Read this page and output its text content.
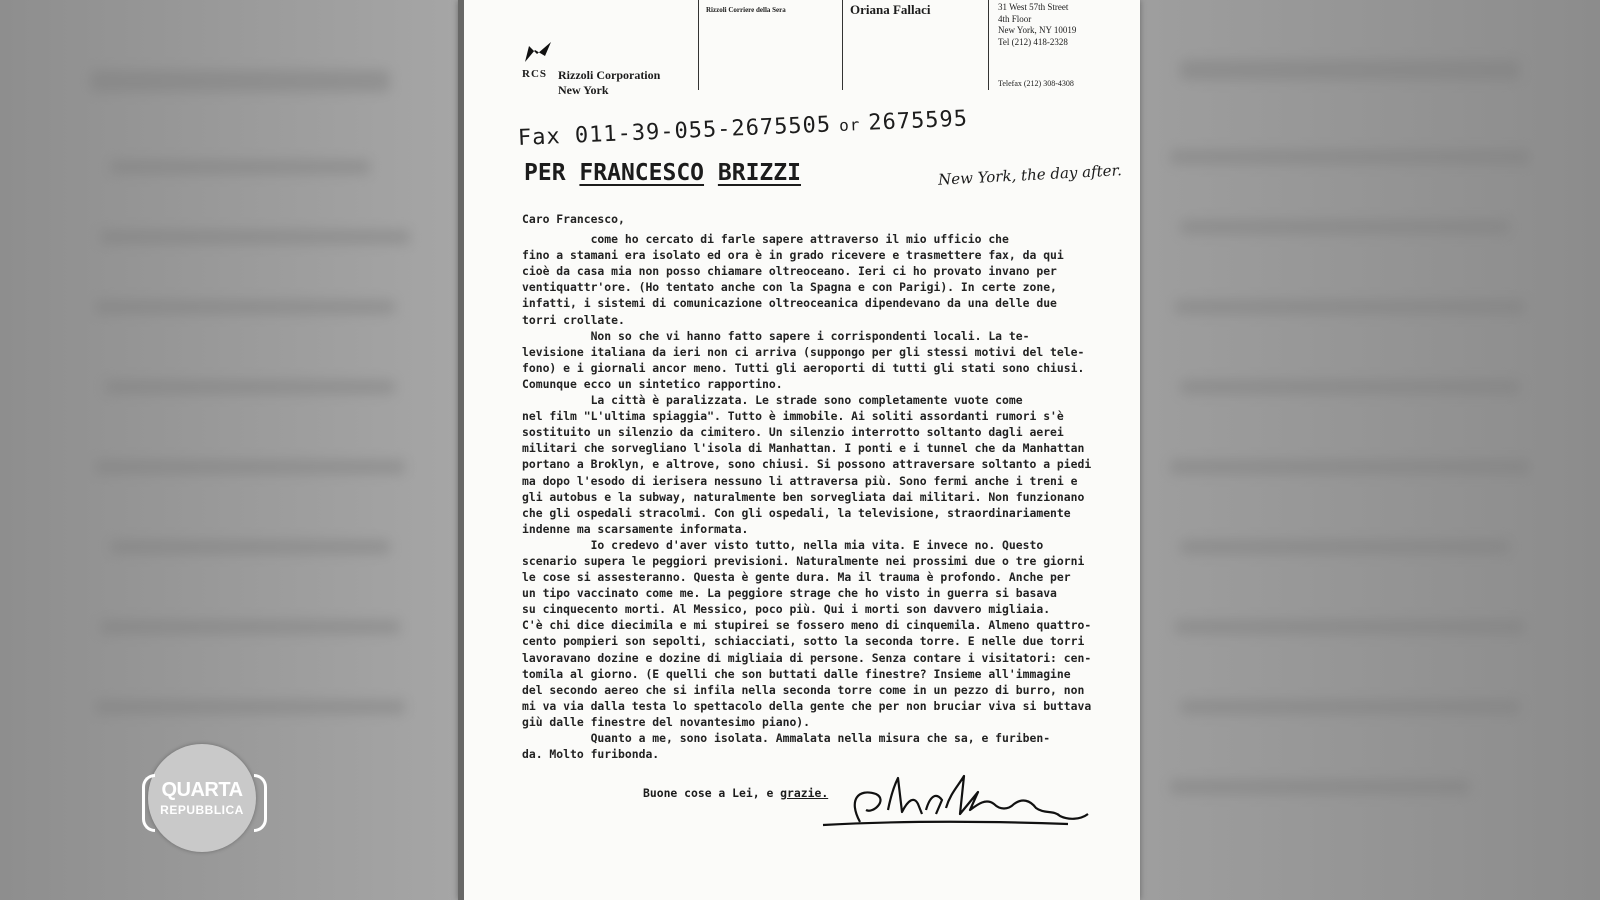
RCS Rizzoli Corporation
New York
Rizzoli Corriere della Sera	Oriana Fallaci	31 West 57th Street
4th Floor
New York, NY 10019
Tel (212) 418-2328
Telefax (212) 308-4308
Fax 011-39-055-2675505 or 2675595
PER FRANCESCO BRIZZI	New York, the day after.
Caro Francesco,
come ho cercato di farle sapere attraverso il mio ufficio che
fino a stamani era isolato ed ora è in grado ricevere e trasmettere fax, da qui
cioè da casa mia non posso chiamare oltreoceano. Ieri ci ho provato invano per
ventiquattr'ore. (Ho tentato anche con la Spagna e con Parigi). In certe zone,
infatti, i sistemi di comunicazione oltreoceanica dipendevano da una delle due
torri crollate.
Non so che vi hanno fatto sapere i corrispondenti locali. La te-
levisione italiana da ieri non ci arriva (suppongo per gli stessi motivi del tele-
fono) e i giornali ancor meno. Tutti gli aeroporti di tutti gli stati sono chiusi.
Comunque ecco un sintetico rapportino.
La città è paralizzata. Le strade sono completamente vuote come
nel film "L'ultima spiaggia". Tutto è immobile. Ai soliti assordanti rumori s'è
sostituito un silenzio da cimitero. Un silenzio interrotto soltanto dagli aerei
militari che sorvegliano l'isola di Manhattan. I ponti e i tunnel che da Manhattan
portano a Broklyn, e altrove, sono chiusi. Si possono attraversare soltanto a piedi
ma dopo l'esodo di ierisera nessuno li attraversa più. Sono fermi anche i treni e
gli autobus e la subway, naturalmente ben sorvegliata dai militari. Non funzionano
che gli ospedali stracolmi. Con gli ospedali, la televisione, straordinariamente
indenne ma scarsamente informata.
Io credevo d'aver visto tutto, nella mia vita. E invece no. Questo
scenario supera le peggiori previsioni. Naturalmente nei prossimi due o tre giorni
le cose si assesteranno. Questa è gente dura. Ma il trauma è profondo. Anche per
un tipo vaccinato come me. La peggiore strage che ho visto in guerra si basava
su cinquecento morti. Al Messico, poco più. Qui i morti son davvero migliaia.
C'è chi dice diecimila e mi stupirei se fossero meno di cinquemila. Almeno quattro-
cento pompieri son sepolti, schiacciati, sotto la seconda torre. E nelle due torri
lavoravano dozine e dozine di migliaia di persone. Senza contare i visitatori: cen-
tomila al giorno. (E quelli che son buttati dalle finestre? Insieme all'immagine
del secondo aereo che si infila nella seconda torre come in un pezzo di burro, non
mi va via dalla testa lo spettacolo della gente che per non bruciar viva si buttava
giù dalle finestre del novantesimo piano).
Quanto a me, sono isolata. Ammalata nella misura che sa, e furiben-
da. Molto furibonda.
Buone cose a Lei, e grazie.
QUARTA
REPUBBLICA
